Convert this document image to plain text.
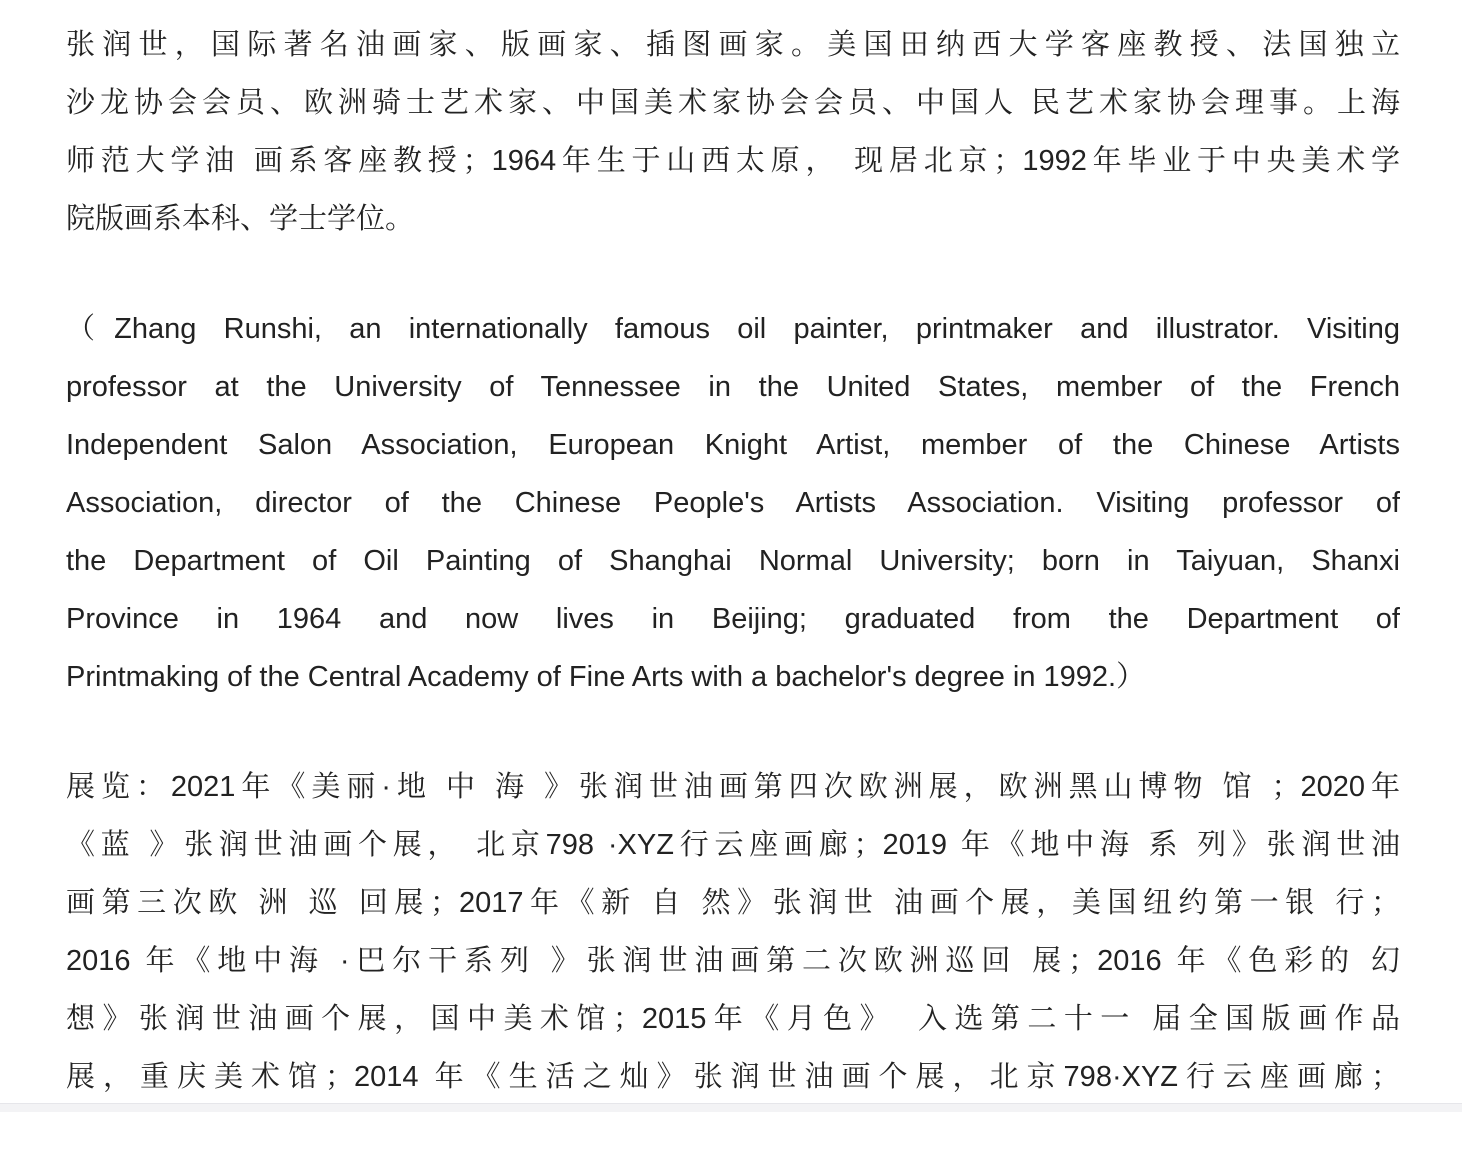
张润世，国际著名油画家、版画家、插图画家。美国田纳西大学客座教授、法国独立
沙龙协会会员、欧洲骑士艺术家、中国美术家协会会员、中国人 民艺术家协会理事。上海
师范大学油 画系客座教授；1964年生于山西太原， 现居北京；1992年毕业于中央美术学
院版画系本科、学士学位。
（Zhang Runshi, an internationally famous oil painter, printmaker and illustrator. Visiting
professor at the University of Tennessee in the United States, member of the French
Independent Salon Association, European Knight Artist, member of the Chinese Artists
Association, director of the Chinese People's Artists Association. Visiting professor of
the Department of Oil Painting of Shanghai Normal University; born in Taiyuan, Shanxi
Province in 1964 and now lives in Beijing; graduated from the Department of
Printmaking of the Central Academy of Fine Arts with a bachelor's degree in 1992.）
展览：2021年《美丽·地 中 海 》张润世油画第四次欧洲展，欧洲黑山博物 馆 ；2020年
《蓝 》张润世油画个展， 北京798 ·XYZ行云座画廊；2019 年《地中海 系 列》张润世油
画第三次欧 洲 巡 回展；2017年《新 自 然》张润世 油画个展，美国纽约第一银 行；
2016 年《地中海 ·巴尔干系列 》张润世油画第二次欧洲巡回 展；2016 年《色彩的 幻
想》张润世油画个展，国中美术馆；2015年《月色》　入选第二十一 届全国版画作品
展，重庆美术馆；2014 年《生活之灿》张润世油画个展，北京798·XYZ行云座画廊；
